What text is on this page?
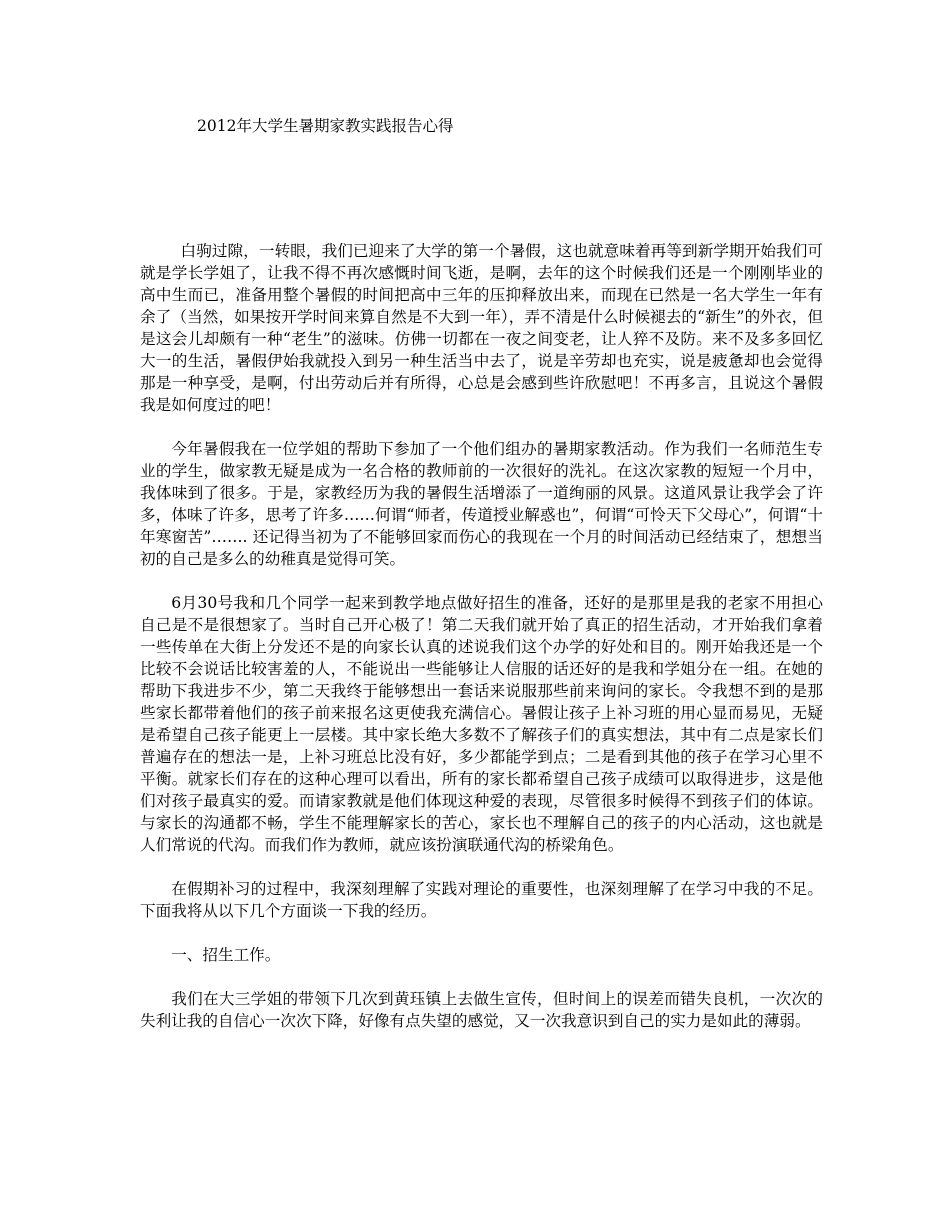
2012年大学生暑期家教实践报告心得

白驹过隙，一转眼，我们已迎来了大学的第一个暑假，这也就意味着再等到新学期开始我们可就是学长学姐了，让我不得不再次感慨时间飞逝，是啊，去年的这个时候我们还是一个刚刚毕业的高中生而已，准备用整个暑假的时间把高中三年的压抑释放出来，而现在已然是一名大学生一年有余了（当然，如果按开学时间来算自然是不大到一年），弄不清是什么时候褪去的“新生”的外衣，但是这会儿却颇有一种“老生”的滋味。仿佛一切都在一夜之间变老，让人猝不及防。来不及多多回忆大一的生活，暑假伊始我就投入到另一种生活当中去了，说是辛劳却也充实，说是疲惫却也会觉得那是一种享受，是啊，付出劳动后并有所得，心总是会感到些许欣慰吧！不再多言，且说这个暑假我是如何度过的吧！

今年暑假我在一位学姐的帮助下参加了一个他们组办的暑期家教活动。作为我们一名师范生专业的学生，做家教无疑是成为一名合格的教师前的一次很好的洗礼。在这次家教的短短一个月中，我体味到了很多。于是，家教经历为我的暑假生活增添了一道绚丽的风景。这道风景让我学会了许多，体味了许多，思考了许多……何谓“师者，传道授业解惑也”，何谓“可怜天下父母心”，何谓“十年寒窗苦”……. 还记得当初为了不能够回家而伤心的我现在一个月的时间活动已经结束了，想想当初的自己是多么的幼稚真是觉得可笑。

6月30号我和几个同学一起来到教学地点做好招生的准备，还好的是那里是我的老家不用担心自己是不是很想家了。当时自己开心极了！第二天我们就开始了真正的招生活动，才开始我们拿着一些传单在大街上分发还不是的向家长认真的述说我们这个办学的好处和目的。刚开始我还是一个比较不会说话比较害羞的人，不能说出一些能够让人信服的话还好的是我和学姐分在一组。在她的帮助下我进步不少，第二天我终于能够想出一套话来说服那些前来询问的家长。令我想不到的是那些家长都带着他们的孩子前来报名这更使我充满信心。暑假让孩子上补习班的用心显而易见，无疑是希望自己孩子能更上一层楼。其中家长绝大多数不了解孩子们的真实想法，其中有二点是家长们普遍存在的想法一是，上补习班总比没有好，多少都能学到点；二是看到其他的孩子在学习心里不平衡。就家长们存在的这种心理可以看出，所有的家长都希望自己孩子成绩可以取得进步，这是他们对孩子最真实的爱。而请家教就是他们体现这种爱的表现，尽管很多时候得不到孩子们的体谅。与家长的沟通都不畅，学生不能理解家长的苦心，家长也不理解自己的孩子的内心活动，这也就是人们常说的代沟。而我们作为教师，就应该扮演联通代沟的桥梁角色。

在假期补习的过程中，我深刻理解了实践对理论的重要性，也深刻理解了在学习中我的不足。下面我将从以下几个方面谈一下我的经历。

一、招生工作。

我们在大三学姐的带领下几次到黄珏镇上去做生宣传，但时间上的误差而错失良机，一次次的失利让我的自信心一次次下降，好像有点失望的感觉，又一次我意识到自己的实力是如此的薄弱。
